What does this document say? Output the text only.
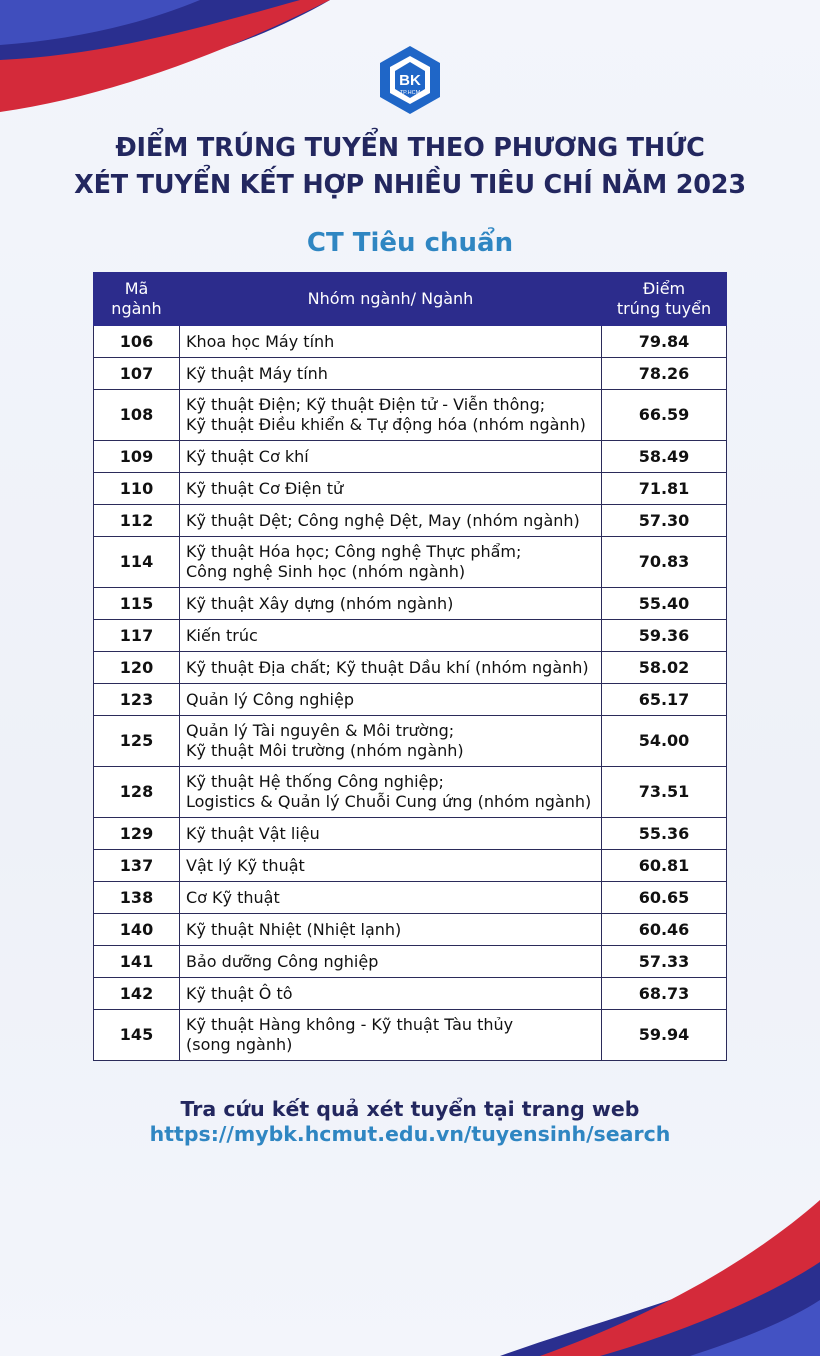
BK
TP.HCM
ĐIỂM TRÚNG TUYỂN THEO PHƯƠNG THỨC
XÉT TUYỂN KẾT HỢP NHIỀU TIÊU CHÍ NĂM 2023
CT Tiêu chuẩn
Mã
ngành	Nhóm ngành/ Ngành	Điểm
trúng tuyển

106	Khoa học Máy tính	79.84
107	Kỹ thuật Máy tính	78.26
108	Kỹ thuật Điện; Kỹ thuật Điện tử - Viễn thông;
Kỹ thuật Điều khiển & Tự động hóa (nhóm ngành)	66.59
109	Kỹ thuật Cơ khí	58.49
110	Kỹ thuật Cơ Điện tử	71.81
112	Kỹ thuật Dệt; Công nghệ Dệt, May (nhóm ngành)	57.30
114	Kỹ thuật Hóa học; Công nghệ Thực phẩm;
Công nghệ Sinh học (nhóm ngành)	70.83
115	Kỹ thuật Xây dựng (nhóm ngành)	55.40
117	Kiến trúc	59.36
120	Kỹ thuật Địa chất; Kỹ thuật Dầu khí (nhóm ngành)	58.02
123	Quản lý Công nghiệp	65.17
125	Quản lý Tài nguyên & Môi trường;
Kỹ thuật Môi trường (nhóm ngành)	54.00
128	Kỹ thuật Hệ thống Công nghiệp;
Logistics & Quản lý Chuỗi Cung ứng (nhóm ngành)	73.51
129	Kỹ thuật Vật liệu	55.36
137	Vật lý Kỹ thuật	60.81
138	Cơ Kỹ thuật	60.65
140	Kỹ thuật Nhiệt (Nhiệt lạnh)	60.46
141	Bảo dưỡng Công nghiệp	57.33
142	Kỹ thuật Ô tô	68.73
145	Kỹ thuật Hàng không - Kỹ thuật Tàu thủy
(song ngành)	59.94

Tra cứu kết quả xét tuyển tại trang web

https://mybk.hcmut.edu.vn/tuyensinh/search
